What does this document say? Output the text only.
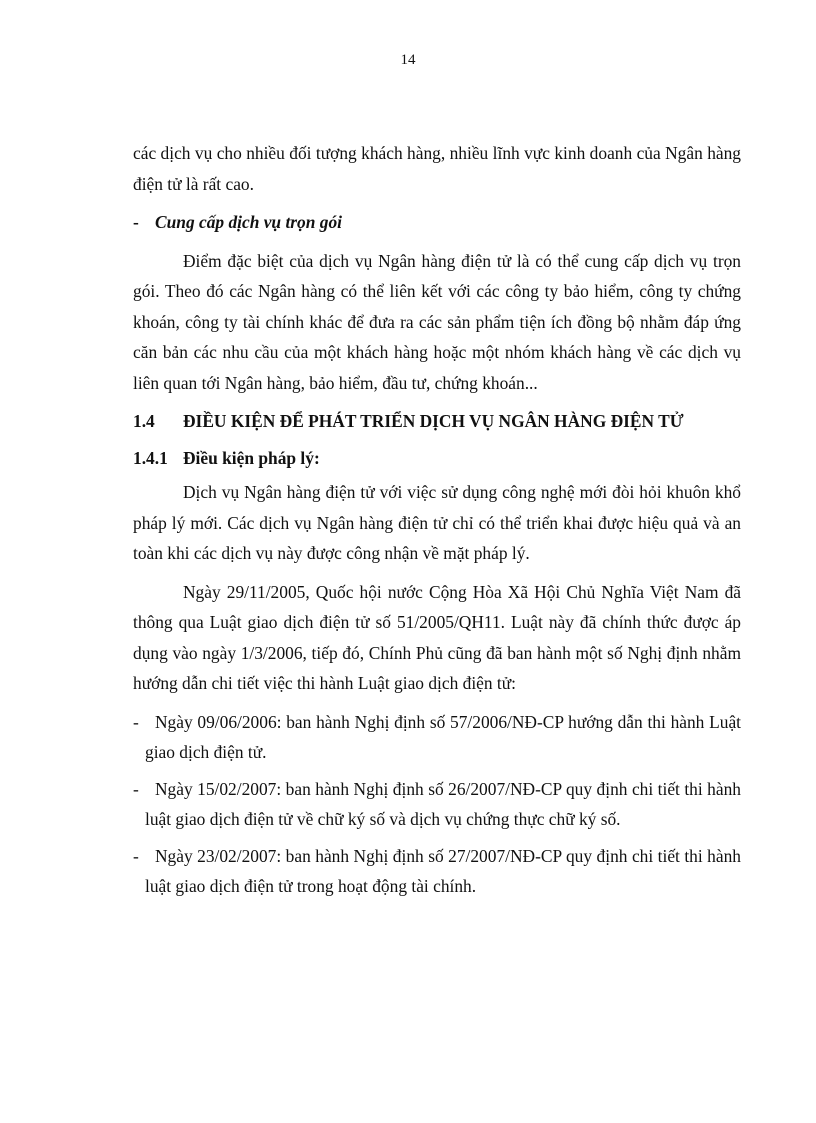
14

các dịch vụ cho nhiều đối tượng khách hàng, nhiều lĩnh vực kinh doanh của Ngân hàng điện tử là rất cao.

- Cung cấp dịch vụ trọn gói

Điểm đặc biệt của dịch vụ Ngân hàng điện tử là có thể cung cấp dịch vụ trọn gói. Theo đó các Ngân hàng có thể liên kết với các công ty bảo hiểm, công ty chứng khoán, công ty tài chính khác để đưa ra các sản phẩm tiện ích đồng bộ nhằm đáp ứng căn bản các nhu cầu của một khách hàng hoặc một nhóm khách hàng về các dịch vụ liên quan tới Ngân hàng, bảo hiểm, đầu tư, chứng khoán...

1.4 ĐIỀU KIỆN ĐỂ PHÁT TRIỂN DỊCH VỤ NGÂN HÀNG ĐIỆN TỬ
1.4.1 Điều kiện pháp lý:

Dịch vụ Ngân hàng điện tử với việc sử dụng công nghệ mới đòi hỏi khuôn khổ pháp lý mới. Các dịch vụ Ngân hàng điện tử chỉ có thể triển khai được hiệu quả và an toàn khi các dịch vụ này được công nhận về mặt pháp lý.

Ngày 29/11/2005, Quốc hội nước Cộng Hòa Xã Hội Chủ Nghĩa Việt Nam đã thông qua Luật giao dịch điện tử số 51/2005/QH11. Luật này đã chính thức được áp dụng vào ngày 1/3/2006, tiếp đó, Chính Phủ cũng đã ban hành một số Nghị định nhằm hướng dẫn chi tiết việc thi hành Luật giao dịch điện tử:

- Ngày 09/06/2006: ban hành Nghị định số 57/2006/NĐ-CP hướng dẫn thi hành Luật giao dịch điện tử.
- Ngày 15/02/2007: ban hành Nghị định số 26/2007/NĐ-CP quy định chi tiết thi hành luật giao dịch điện tử về chữ ký số và dịch vụ chứng thực chữ ký số.
- Ngày 23/02/2007: ban hành Nghị định số 27/2007/NĐ-CP quy định chi tiết thi hành luật giao dịch điện tử trong hoạt động tài chính.
